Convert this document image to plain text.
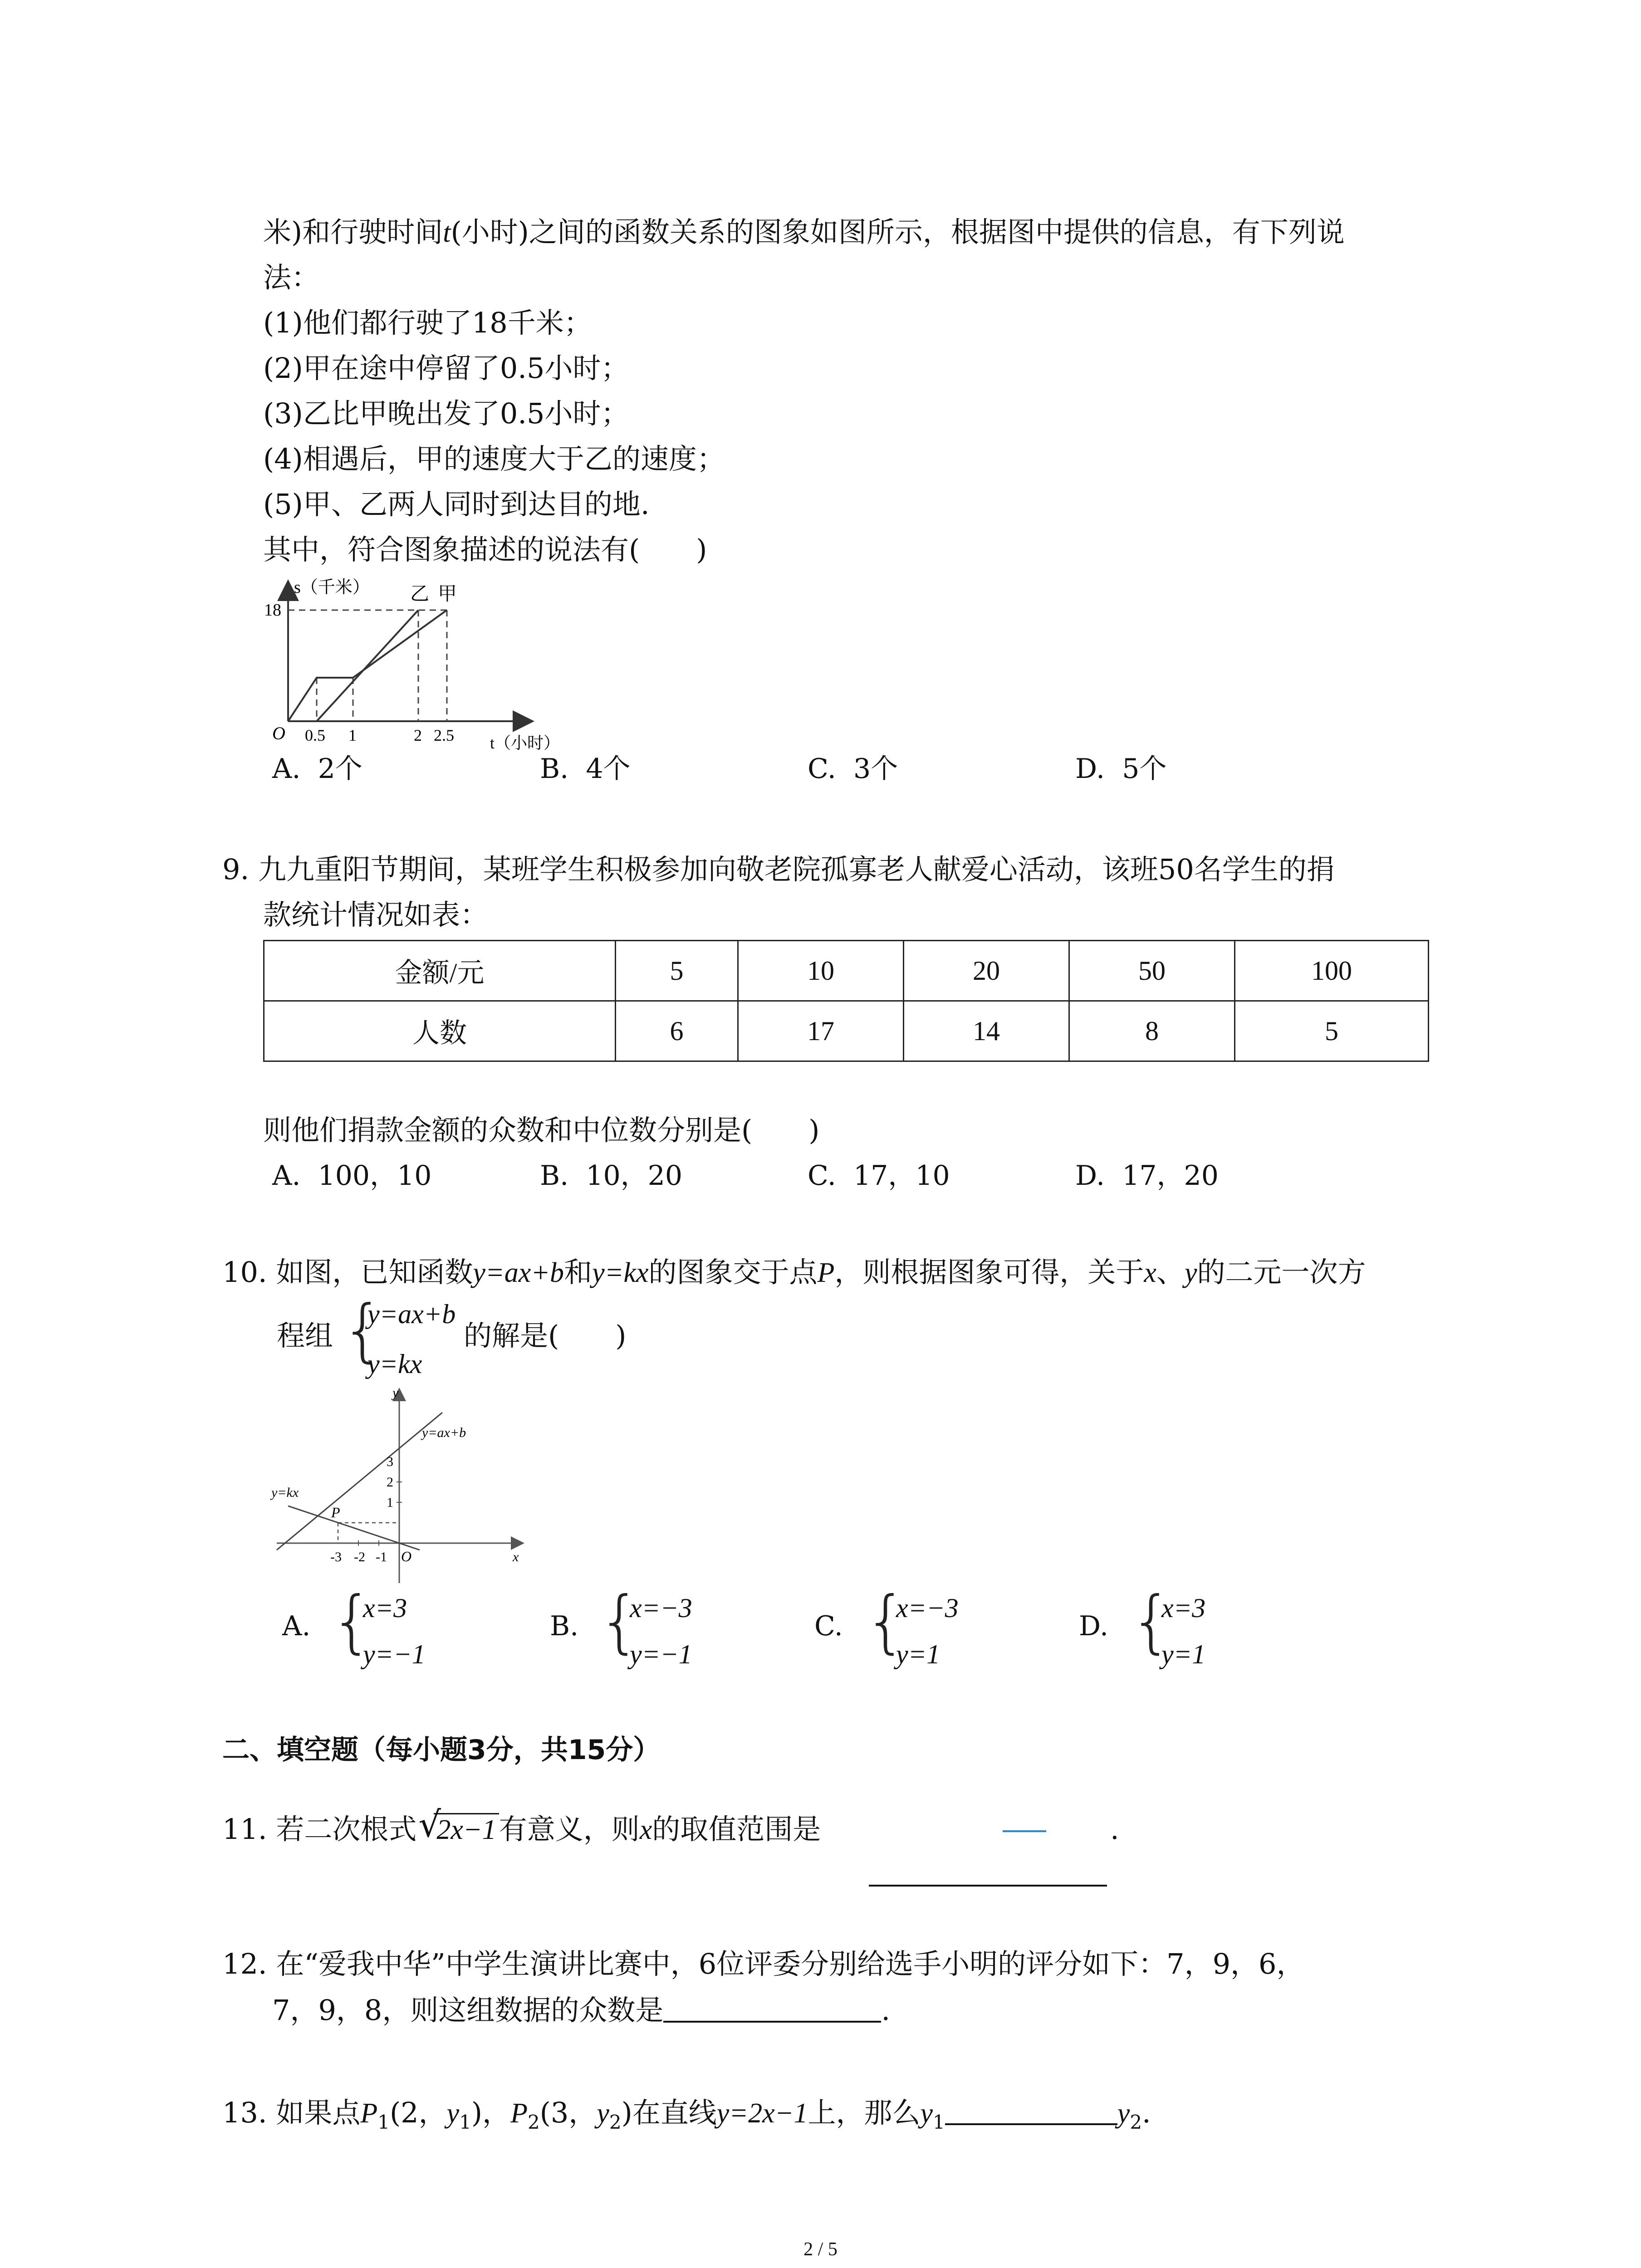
米)和行驶时间t(小时)之间的函数关系的图象如图所示，根据图中提供的信息，有下列说
法：
(1)他们都行驶了18千米；
(2)甲在途中停留了0.5小时；
(3)乙比甲晚出发了0.5小时；
(4)相遇后，甲的速度大于乙的速度；
(5)甲、乙两人同时到达目的地.
其中，符合图象描述的说法有(　　)
s（千米）
18
O 0.5 1	2 2.5 t（小时）
乙 甲
A. 2个	B. 4个	C. 3个	D. 5个
9. 九九重阳节期间，某班学生积极参加向敬老院孤寡老人献爱心活动，该班50名学生的捐
款统计情况如表：
金额/元	5	10	20	50	100
人数	6	17	14	8	5
则他们捐款金额的众数和中位数分别是(　　)
A. 100，10	B. 10，20	C. 17，10	D. 17，20
10. 如图，已知函数y=ax+b和y=kx的图象交于点P，则根据图象可得，关于x、y的二元一次方
程组 {
y=ax+b
y=kx
的解是(　　)
y=ax+b
y=kx
P
y
x
O
-3 -2 -1
3
2
1
A. {
x=3
y=−1
B. {
x=−3
y=−1
C. {
x=−3
y=1
D. {
x=3
y=1
二、填空题（每小题3分，共15分）
11. 若二次根式 √
2x−1有意义，则x的取值范围是	.
12. 在“爱我中华”中学生演讲比赛中，6位评委分别给选手小明的评分如下：7，9，6，
7，9，8，则这组数据的众数是	.
13. 如果点$P_1(2$，$y_1$)，$P_2(3$，$y_2$)在直线y=2x−1上，那么$y_1$	$y_2$.
2 / 5
